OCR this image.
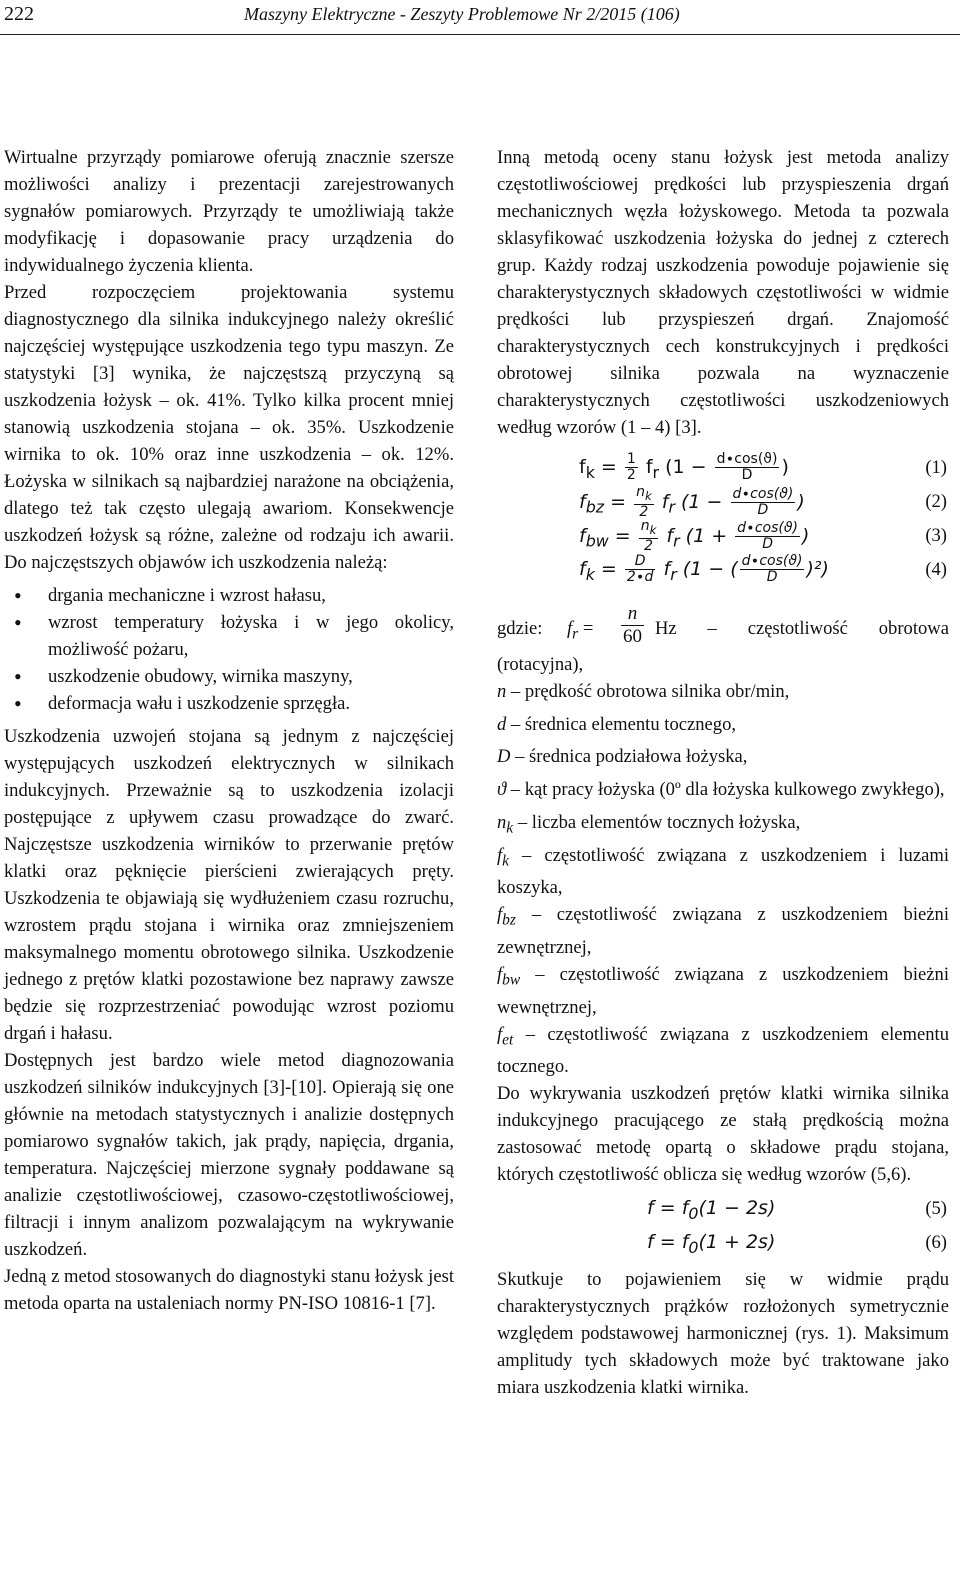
222	Maszyny Elektryczne - Zeszyty Problemowe Nr 2/2015 (106)

Wirtualne przyrządy pomiarowe oferują znacznie szersze możliwości analizy i prezentacji zarejestrowanych sygnałów pomiarowych. Przyrządy te umożliwiają także modyfikację i dopasowanie pracy urządzenia do indywidualnego życzenia klienta.

Przed rozpoczęciem projektowania systemu diagnostycznego dla silnika indukcyjnego należy określić najczęściej występujące uszkodzenia tego typu maszyn. Ze statystyki [3] wynika, że najczęstszą przyczyną są uszkodzenia łożysk – ok. 41%. Tylko kilka procent mniej stanowią uszkodzenia stojana – ok. 35%. Uszkodzenie wirnika to ok. 10% oraz inne uszkodzenia – ok. 12%. Łożyska w silnikach są najbardziej narażone na obciążenia, dlatego też tak często ulegają awariom. Konsekwencje uszkodzeń łożysk są różne, zależne od rodzaju ich awarii. Do najczęstszych objawów ich uszkodzenia należą:

• drgania mechaniczne i wzrost hałasu,
• wzrost temperatury łożyska i w jego okolicy, możliwość pożaru,
• uszkodzenie obudowy, wirnika maszyny,
• deformacja wału i uszkodzenie sprzęgła.

Uszkodzenia uzwojeń stojana są jednym z najczęściej występujących uszkodzeń elektrycznych w silnikach indukcyjnych. Przeważnie są to uszkodzenia izolacji postępujące z upływem czasu prowadzące do zwarć. Najczęstsze uszkodzenia wirników to przerwanie prętów klatki oraz pęknięcie pierścieni zwierających pręty. Uszkodzenia te objawiają się wydłużeniem czasu rozruchu, wzrostem prądu stojana i wirnika oraz zmniejszeniem maksymalnego momentu obrotowego silnika. Uszkodzenie jednego z prętów klatki pozostawione bez naprawy zawsze będzie się rozprzestrzeniać powodując wzrost poziomu drgań i hałasu.

Dostępnych jest bardzo wiele metod diagnozowania uszkodzeń silników indukcyjnych [3]-[10]. Opierają się one głównie na metodach statystycznych i analizie dostępnych pomiarowo sygnałów takich, jak prądy, napięcia, drgania, temperatura. Najczęściej mierzone sygnały poddawane są analizie częstotliwościowej, czasowo-częstotliwościowej, filtracji i innym analizom pozwalającym na wykrywanie uszkodzeń.

Jedną z metod stosowanych do diagnostyki stanu łożysk jest metoda oparta na ustaleniach normy PN-ISO 10816-1 [7].

Inną metodą oceny stanu łożysk jest metoda analizy częstotliwościowej prędkości lub przyspieszenia drgań mechanicznych węzła łożyskowego. Metoda ta pozwala sklasyfikować uszkodzenia łożyska do jednej z czterech grup. Każdy rodzaj uszkodzenia powoduje pojawienie się charakterystycznych składowych częstotliwości w widmie prędkości lub przyspieszeń drgań. Znajomość charakterystycznych cech konstrukcyjnych i prędkości obrotowej silnika pozwala na wyznaczenie charakterystycznych częstotliwości uszkodzeniowych według wzorów (1 – 4) [3].

$f_k = \frac{1}{2} f_r$ ($1 - \frac{d\cdot\cos(ϑ)}{D}$ )	(1)
$f_{bz} = \frac{n_k}{2} f_r$ ($1 - \frac{d\cdot\cos(ϑ)}{D}$ )	(2)
$f_{bw} = \frac{n_k}{2} f_r$ ($1 + \frac{d\cdot\cos(ϑ)}{D}$ )	(3)
$f_k = \frac{D}{2\cdot d} f_r$ (1 − ( $\frac{d\cdot\cos(ϑ)}{D} )^2$)	(4)
gdzie: $f_r = \frac{n}{60}$ Hz – częstotliwość obrotowa

(rotacyjna),

n – prędkość obrotowa silnika obr/min,

d – średnica elementu tocznego,

D – średnica podziałowa łożyska,

ϑ – kąt pracy łożyska (0º dla łożyska kulkowego zwykłego),

$n_k$ – liczba elementów tocznych łożyska,

$f_k$ – częstotliwość związana z uszkodzeniem i luzami koszyka,

$f_{bz}$ – częstotliwość związana z uszkodzeniem bieżni zewnętrznej,

$f_{bw}$ – częstotliwość związana z uszkodzeniem bieżni wewnętrznej,

$f_{et}$ – częstotliwość związana z uszkodzeniem elementu tocznego.

Do wykrywania uszkodzeń prętów klatki wirnika silnika indukcyjnego pracującego ze stałą prędkością można zastosować metodę opartą o składowe prądu stojana, których częstotliwość oblicza się według wzorów (5,6).

$f = f_0(1 - 2s)$	(5)
$f = f_0(1 + 2s)$	(6)

Skutkuje to pojawieniem się w widmie prądu charakterystycznych prążków rozłożonych symetrycznie względem podstawowej harmonicznej (rys. 1). Maksimum amplitudy tych składowych może być traktowane jako miara uszkodzenia klatki wirnika.
